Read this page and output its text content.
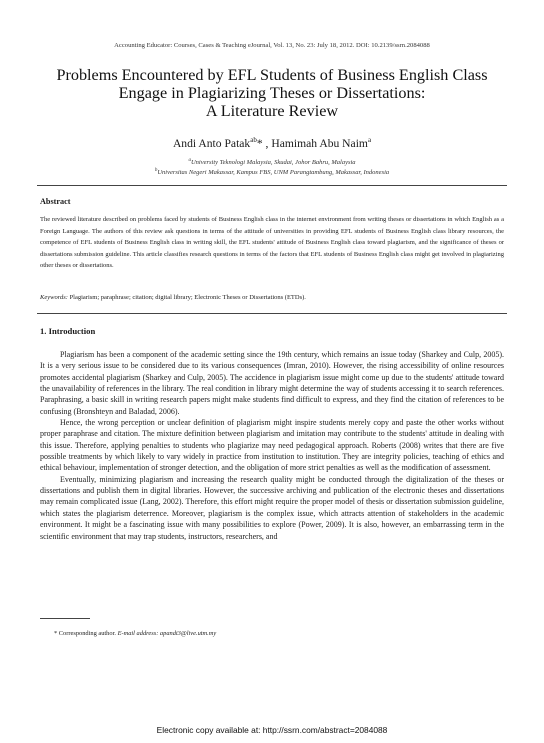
Accounting Educator: Courses, Cases & Teaching eJournal, Vol. 13, No. 23: July 18, 2012. DOI: 10.2139/ssrn.2084088
Problems Encountered by EFL Students of Business English Class
Engage in Plagiarizing Theses or Dissertations:
A Literature Review
Andi Anto Patak$^{ab}$* , Hamimah Abu Naim$^a$
$^a$University Teknologi Malaysia, Skudai, Johor Bahru, Malaysia
$^b$Universitas Negeri Makassar, Kampus FBS, UNM Parangtambung, Makassar, Indonesia
Abstract
The reviewed literature described on problems faced by students of Business English class in the internet environment from writing theses or dissertations in which English as a Foreign Language. The authors of this review ask questions in terms of the attitude of universities in providing EFL students of Business English class library resources, the competence of EFL students of Business English class in writing skill, the EFL students' attitude of Business English class toward plagiarism, and the significance of theses or dissertations submission guideline. This article classifies research questions in terms of the factors that EFL students of Business English class might get involved in plagiarizing other theses or dissertations.
Keywords: Plagiarism; paraphrase; citation; digital library; Electronic Theses or Dissertations (ETDs).
1. Introduction

Plagiarism has been a component of the academic setting since the 19th century, which remains an issue today (Sharkey and Culp, 2005). It is a very serious issue to be considered due to its various consequences (Imran, 2010). However, the rising accessibility of online resources promotes accidental plagiarism (Sharkey and Culp, 2005). The accidence in plagiarism issue might come up due to the students' attitude toward the unavailability of references in the library. The real condition in library might determine the way of students accessing it to search references. Paraphrasing, a basic skill in writing research papers might make students find difficult to express, and they find the citation of references to be confusing (Bronshteyn and Baladad, 2006).

Hence, the wrong perception or unclear definition of plagiarism might inspire students merely copy and paste the other works without proper paraphrase and citation. The mixture definition between plagiarism and imitation may contribute to the students' attitude in dealing with this issue. Therefore, applying penalties to students who plagiarize may need pedagogical approach. Roberts (2008) writes that there are five possible treatments by which likely to vary widely in practice from institution to institution. They are integrity policies, teaching of ethics and ethical behaviour, implementation of stronger detection, and the obligation of more strict penalties as well as the modification of assessment.

Eventually, minimizing plagiarism and increasing the research quality might be conducted through the digitalization of the theses or dissertations and publish them in digital libraries. However, the successive archiving and publication of the electronic theses and dissertations may remain complicated issue (Lang, 2002). Therefore, this effort might require the proper model of thesis or dissertation submission guideline, which states the plagiarism deterrence. Moreover, plagiarism is the complex issue, which attracts attention of stakeholders in the academic environment. It might be a fascinating issue with many possibilities to explore (Power, 2009). It is also, however, an embarrassing term in the scientific environment that may trap students, instructors, researchers, and

* Corresponding author. E-mail address: apandi3@live.utm.my
Electronic copy available at: http://ssrn.com/abstract=2084088
